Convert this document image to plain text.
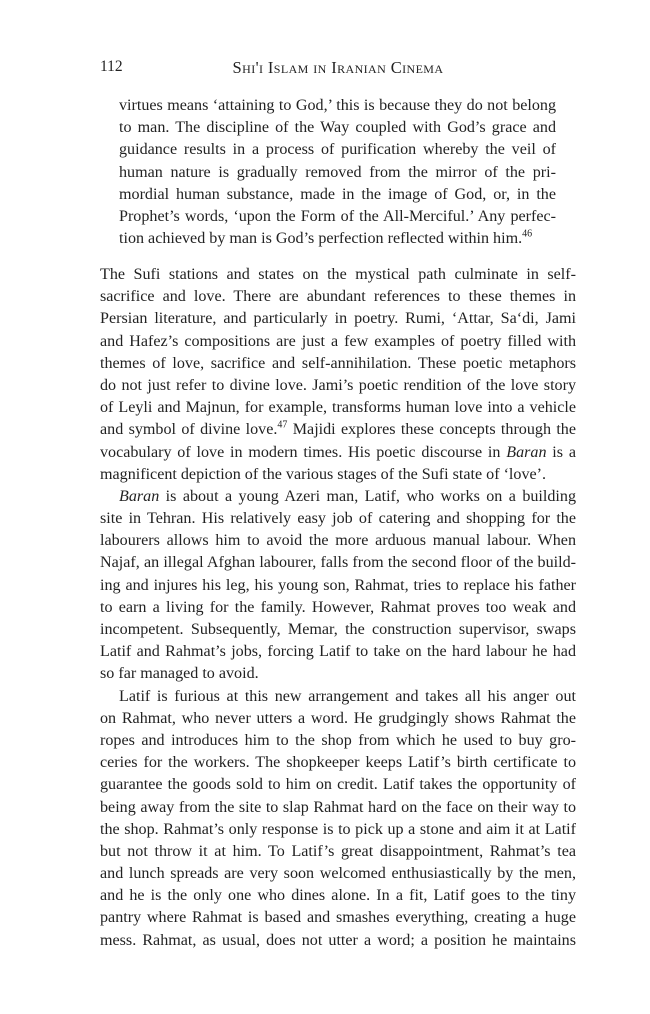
112	Shi'i Islam in Iranian Cinema
virtues means ‘attaining to God,’ this is because they do not belong
to man. The discipline of the Way coupled with God’s grace and
guidance results in a process of purification whereby the veil of
human nature is gradually removed from the mirror of the pri-
mordial human substance, made in the image of God, or, in the
Prophet’s words, ‘upon the Form of the All-Merciful.’ Any perfec-
tion achieved by man is God’s perfection reflected within him.$^{46}$
The Sufi stations and states on the mystical path culminate in self-
sacrifice and love. There are abundant references to these themes in
Persian literature, and particularly in poetry. Rumi, ‘Attar, Sa‘di, Jami
and Hafez’s compositions are just a few examples of poetry filled with
themes of love, sacrifice and self-annihilation. These poetic metaphors
do not just refer to divine love. Jami’s poetic rendition of the love story
of Leyli and Majnun, for example, transforms human love into a vehicle
and symbol of divine love.$^{47}$ Majidi explores these concepts through the
vocabulary of love in modern times. His poetic discourse in Baran is a
magnificent depiction of the various stages of the Sufi state of ‘love’.
Baran is about a young Azeri man, Latif, who works on a building
site in Tehran. His relatively easy job of catering and shopping for the
labourers allows him to avoid the more arduous manual labour. When
Najaf, an illegal Afghan labourer, falls from the second floor of the build-
ing and injures his leg, his young son, Rahmat, tries to replace his father
to earn a living for the family. However, Rahmat proves too weak and
incompetent. Subsequently, Memar, the construction supervisor, swaps
Latif and Rahmat’s jobs, forcing Latif to take on the hard labour he had
so far managed to avoid.
Latif is furious at this new arrangement and takes all his anger out
on Rahmat, who never utters a word. He grudgingly shows Rahmat the
ropes and introduces him to the shop from which he used to buy gro-
ceries for the workers. The shopkeeper keeps Latif’s birth certificate to
guarantee the goods sold to him on credit. Latif takes the opportunity of
being away from the site to slap Rahmat hard on the face on their way to
the shop. Rahmat’s only response is to pick up a stone and aim it at Latif
but not throw it at him. To Latif’s great disappointment, Rahmat’s tea
and lunch spreads are very soon welcomed enthusiastically by the men,
and he is the only one who dines alone. In a fit, Latif goes to the tiny
pantry where Rahmat is based and smashes everything, creating a huge
mess. Rahmat, as usual, does not utter a word; a position he maintains
